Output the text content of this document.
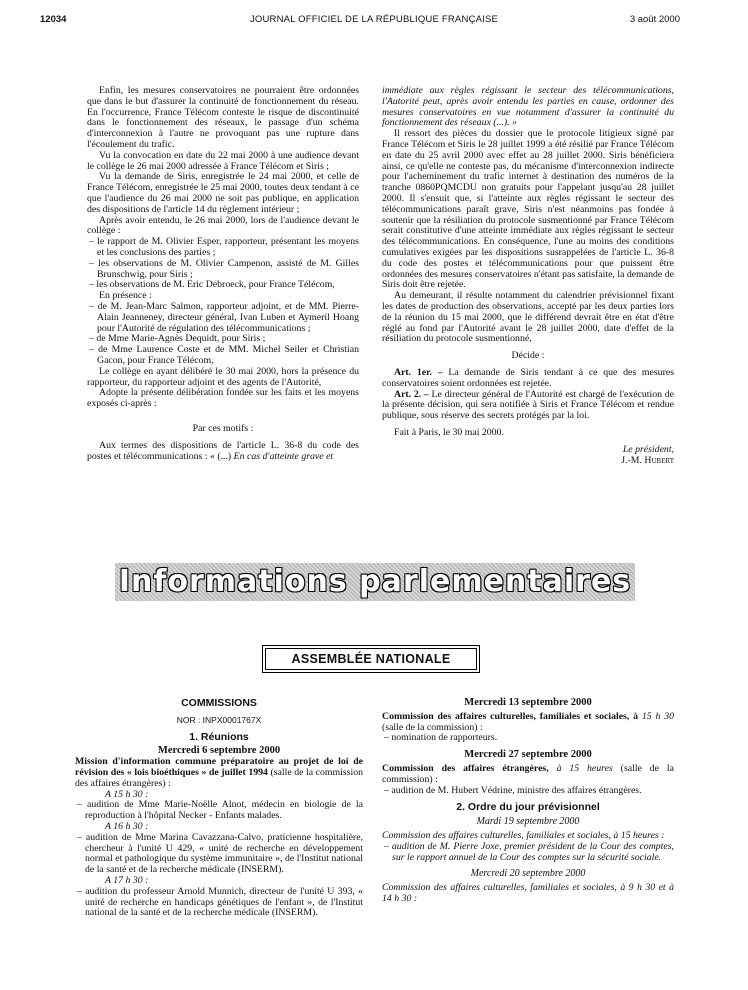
12034	JOURNAL OFFICIEL DE LA RÉPUBLIQUE FRANÇAISE	3 août 2000

Enfin, les mesures conservatoires ne pourraient être ordonnées que dans le but d'assurer la continuité de fonctionnement du réseau. En l'occurrence, France Télécom conteste le risque de discontinuité dans le fonctionnement des réseaux, le passage d'un schéma d'interconnexion à l'autre ne provoquant pas une rupture dans l'écoulement du trafic.

Vu la convocation en date du 22 mai 2000 à une audience devant le collège le 26 mai 2000 adressée à France Télécom et Siris ;

Vu la demande de Siris, enregistrée le 24 mai 2000, et celle de France Télécom, enregistrée le 25 mai 2000, toutes deux tendant à ce que l'audience du 26 mai 2000 ne soit pas publique, en application des dispositions de l'article 14 du règlement intérieur ;

Après avoir entendu, le 26 mai 2000, lors de l'audience devant le collège :

– le rapport de M. Olivier Esper, rapporteur, présentant les moyens et les conclusions des parties ;
– les observations de M. Olivier Campenon, assisté de M. Gilles Brunschwig, pour Siris ;
– les observations de M. Eric Debroeck, pour France Télécom,

En présence :

– de M. Jean-Marc Salmon, rapporteur adjoint, et de MM. Pierre-Alain Jeanneney, directeur général, Ivan Luben et Aymeril Hoang pour l'Autorité de régulation des télécommunications ;
– de Mme Marie-Agnès Dequidt, pour Siris ;
– de Mme Laurence Coste et de MM. Michel Seiler et Christian Gacon, pour France Télécom,

Le collège en ayant délibéré le 30 mai 2000, hors la présence du rapporteur, du rapporteur adjoint et des agents de l'Autorité,

Adopte la présente délibération fondée sur les faits et les moyens exposés ci-après :

Par ces motifs :

Aux termes des dispositions de l'article L. 36-8 du code des postes et télécommunications : « (...) En cas d'atteinte grave et

immédiate aux règles régissant le secteur des télécommunications, l'Autorité peut, après avoir entendu les parties en cause, ordonner des mesures conservatoires en vue notamment d'assurer la continuité du fonctionnement des réseaux (...). »

Il ressort des pièces du dossier que le protocole litigieux signé par France Télécom et Siris le 28 juillet 1999 a été résilié par France Télécom en date du 25 avril 2000 avec effet au 28 juillet 2000. Siris bénéficiera ainsi, ce qu'elle ne conteste pas, du mécanisme d'interconnexion indirecte pour l'acheminement du trafic internet à destination des numéros de la tranche 0860PQMCDU non gratuits pour l'appelant jusqu'au 28 juillet 2000. Il s'ensuit que, si l'atteinte aux règles régissant le secteur des télécommunications paraît grave, Siris n'est néanmoins pas fondée à soutenir que la résiliation du protocole susmentionné par France Télécom serait constitutive d'une atteinte immédiate aux règles régissant le secteur des télécommunications. En conséquence, l'une au moins des conditions cumulatives exigées par les dispositions susrappelées de l'article L. 36-8 du code des postes et télécommunications pour que puissent être ordonnées des mesures conservatoires n'étant pas satisfaite, la demande de Siris doit être rejetée.

Au demeurant, il résulte notamment du calendrier prévisionnel fixant les dates de production des observations, accepté par les deux parties lors de la réunion du 15 mai 2000, que le différend devrait être en état d'être réglé au fond par l'Autorité avant le 28 juillet 2000, date d'effet de la résiliation du protocole susmentionné,

Décide :

Art. 1er. – La demande de Siris tendant à ce que des mesures conservatoires soient ordonnées est rejetée.

Art. 2. – Le directeur général de l'Autorité est chargé de l'exécution de la présente décision, qui sera notifiée à Siris et France Télécom et rendue publique, sous réserve des secrets protégés par la loi.

Fait à Paris, le 30 mai 2000.

Le président,

J.-M. Hubert

Informations parlementaires
ASSEMBLÉE NATIONALE
COMMISSIONS
NOR : INPX0001767X
1. Réunions
Mercredi 6 septembre 2000

Mission d'information commune préparatoire au projet de loi de révision des « lois bioéthiques » de juillet 1994 (salle de la commission des affaires étrangères) :

A 15 h 30 :
– audition de Mme Marie-Noëlle Alnot, médecin en biologie de la reproduction à l'hôpital Necker - Enfants malades.
A 16 h 30 :
– audition de Mme Marina Cavazzana-Calvo, praticienne hospitalière, chercheur à l'unité U 429, « unité de recherche en développement normal et pathologique du système immunitaire », de l'Institut national de la santé et de la recherche médicale (INSERM).
A 17 h 30 :
– audition du professeur Arnold Munnich, directeur de l'unité U 393, « unité de recherche en handicaps génétiques de l'enfant », de l'Institut national de la santé et de la recherche médicale (INSERM).
Mercredi 13 septembre 2000

Commission des affaires culturelles, familiales et sociales, à 15 h 30 (salle de la commission) :

– nomination de rapporteurs.
Mercredi 27 septembre 2000

Commission des affaires étrangères, à 15 heures (salle de la commission) :

– audition de M. Hubert Védrine, ministre des affaires étrangères.
2. Ordre du jour prévisionnel
Mardi 19 septembre 2000

Commission des affaires culturelles, familiales et sociales, à 15 heures :

– audition de M. Pierre Joxe, premier président de la Cour des comptes, sur le rapport annuel de la Cour des comptes sur la sécurité sociale.
Mercredi 20 septembre 2000

Commission des affaires culturelles, familiales et sociales, à 9 h 30 et à 14 h 30 :
